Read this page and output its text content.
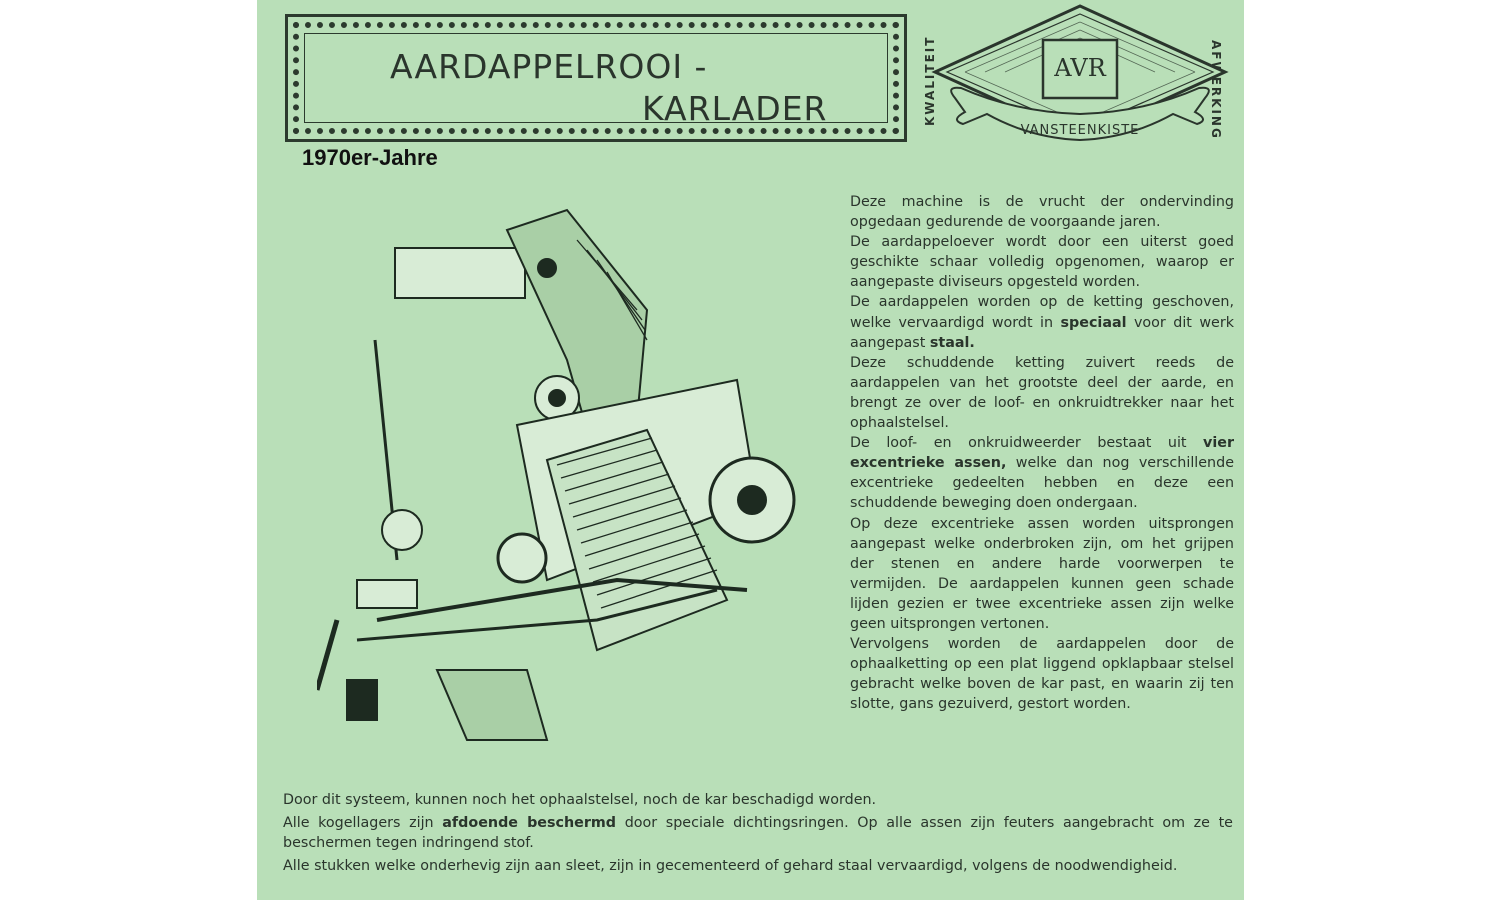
AARDAPPELROOI -
KARLADER
1970er-Jahre
KWALITEIT	AFWERKING
AVR
VANSTEENKISTE

Deze machine is de vrucht der ondervinding opgedaan gedurende de voorgaande jaren.

De aardappeloever wordt door een uiterst goed geschikte schaar volledig opgenomen, waarop er aangepaste diviseurs opgesteld worden.

De aardappelen worden op de ketting geschoven, welke vervaardigd wordt in speciaal voor dit werk aangepast staal.

Deze schuddende ketting zuivert reeds de aardappelen van het grootste deel der aarde, en brengt ze over de loof- en onkruidtrekker naar het ophaalstelsel.

De loof- en onkruidweerder bestaat uit vier excentrieke assen, welke dan nog verschillende excentrieke gedeelten hebben en deze een schuddende beweging doen ondergaan.

Op deze excentrieke assen worden uitsprongen aangepast welke onderbroken zijn, om het grijpen der stenen en andere harde voorwerpen te vermijden. De aardappelen kunnen geen schade lijden gezien er twee excentrieke assen zijn welke geen uitsprongen vertonen.

Vervolgens worden de aardappelen door de ophaalketting op een plat liggend opklapbaar stelsel gebracht welke boven de kar past, en waarin zij ten slotte, gans gezuiverd, gestort worden.

Door dit systeem, kunnen noch het ophaalstelsel, noch de kar beschadigd worden.

Alle kogellagers zijn afdoende beschermd door speciale dichtingsringen. Op alle assen zijn feuters aangebracht om ze te beschermen tegen indringend stof.

Alle stukken welke onderhevig zijn aan sleet, zijn in gecementeerd of gehard staal vervaardigd, volgens de noodwendigheid.
